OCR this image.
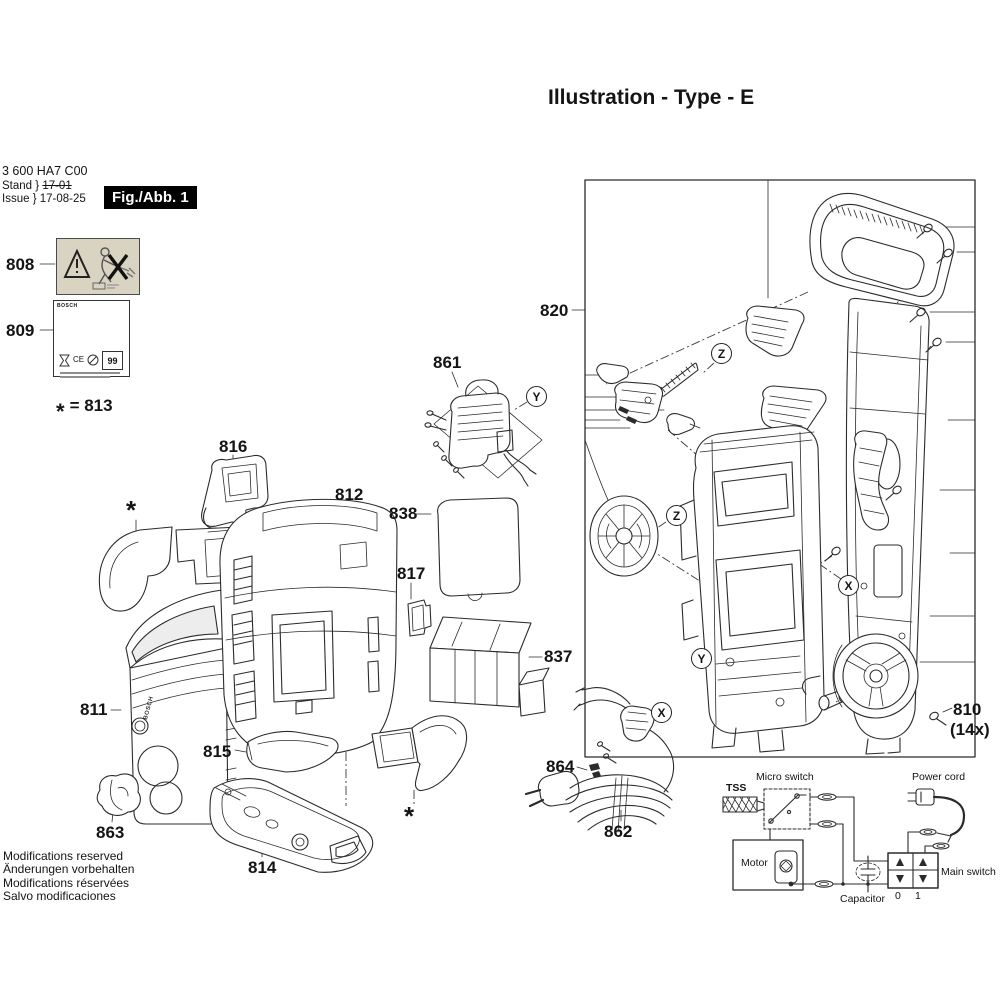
Illustration - Type - E
3 600 HA7 C00
Stand } 17-01
Issue } 17-08-25	Fig./Abb. 1
BOSCH
CE	99
* = 813
808
809
816
812
838
817
837
861
820
811
863
815
814
862
864
810
(14x)
*
*
Z
Z
Y
Y
X
X
BOSCH
TSS
Micro switch	Power cord
Motor
Capacitor
Main switch
0 1
Modifications reserved
Änderungen vorbehalten
Modifications réservées
Salvo modificaciones
